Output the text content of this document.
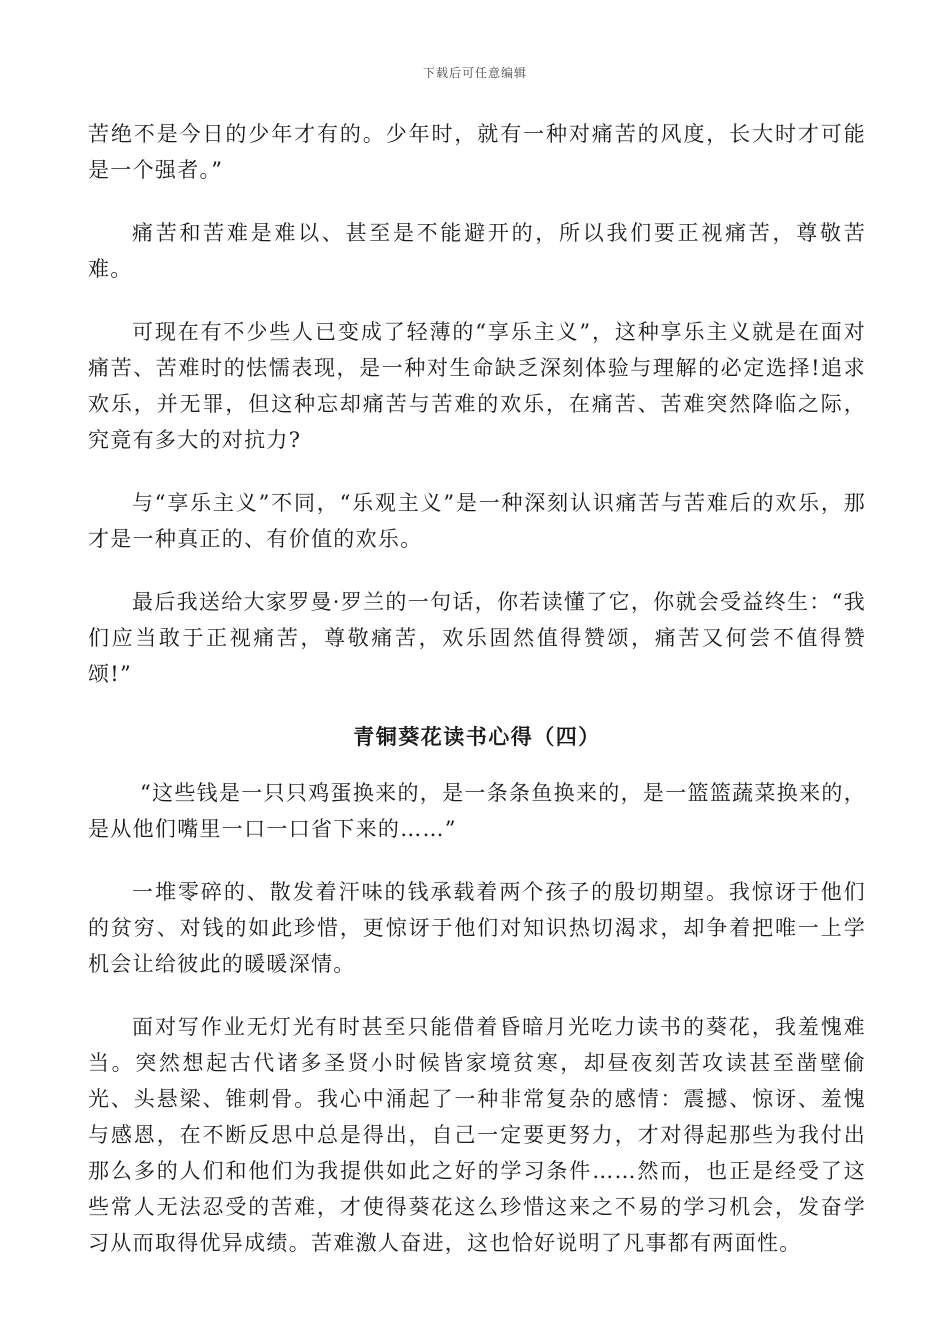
下载后可任意编辑

苦绝不是今日的少年才有的。少年时，就有一种对痛苦的风度，长大时才可能是一个强者。”

痛苦和苦难是难以、甚至是不能避开的，所以我们要正视痛苦，尊敬苦难。

可现在有不少些人已变成了轻薄的“享乐主义”，这种享乐主义就是在面对痛苦、苦难时的怯懦表现，是一种对生命缺乏深刻体验与理解的必定选择!追求欢乐，并无罪，但这种忘却痛苦与苦难的欢乐，在痛苦、苦难突然降临之际，究竟有多大的对抗力?

与“享乐主义”不同，“乐观主义”是一种深刻认识痛苦与苦难后的欢乐，那才是一种真正的、有价值的欢乐。

最后我送给大家罗曼·罗兰的一句话，你若读懂了它，你就会受益终生：“我们应当敢于正视痛苦，尊敬痛苦，欢乐固然值得赞颂，痛苦又何尝不值得赞颂!”

青铜葵花读书心得（四）

“这些钱是一只只鸡蛋换来的，是一条条鱼换来的，是一篮篮蔬菜换来的，是从他们嘴里一口一口省下来的……”

一堆零碎的、散发着汗味的钱承载着两个孩子的殷切期望。我惊讶于他们的贫穷、对钱的如此珍惜，更惊讶于他们对知识热切渴求，却争着把唯一上学机会让给彼此的暖暖深情。

面对写作业无灯光有时甚至只能借着昏暗月光吃力读书的葵花，我羞愧难当。突然想起古代诸多圣贤小时候皆家境贫寒，却昼夜刻苦攻读甚至凿壁偷光、头悬梁、锥刺骨。我心中涌起了一种非常复杂的感情：震撼、惊讶、羞愧与感恩，在不断反思中总是得出，自己一定要更努力，才对得起那些为我付出那么多的人们和他们为我提供如此之好的学习条件……然而，也正是经受了这些常人无法忍受的苦难，才使得葵花这么珍惜这来之不易的学习机会，发奋学习从而取得优异成绩。苦难激人奋进，这也恰好说明了凡事都有两面性。
